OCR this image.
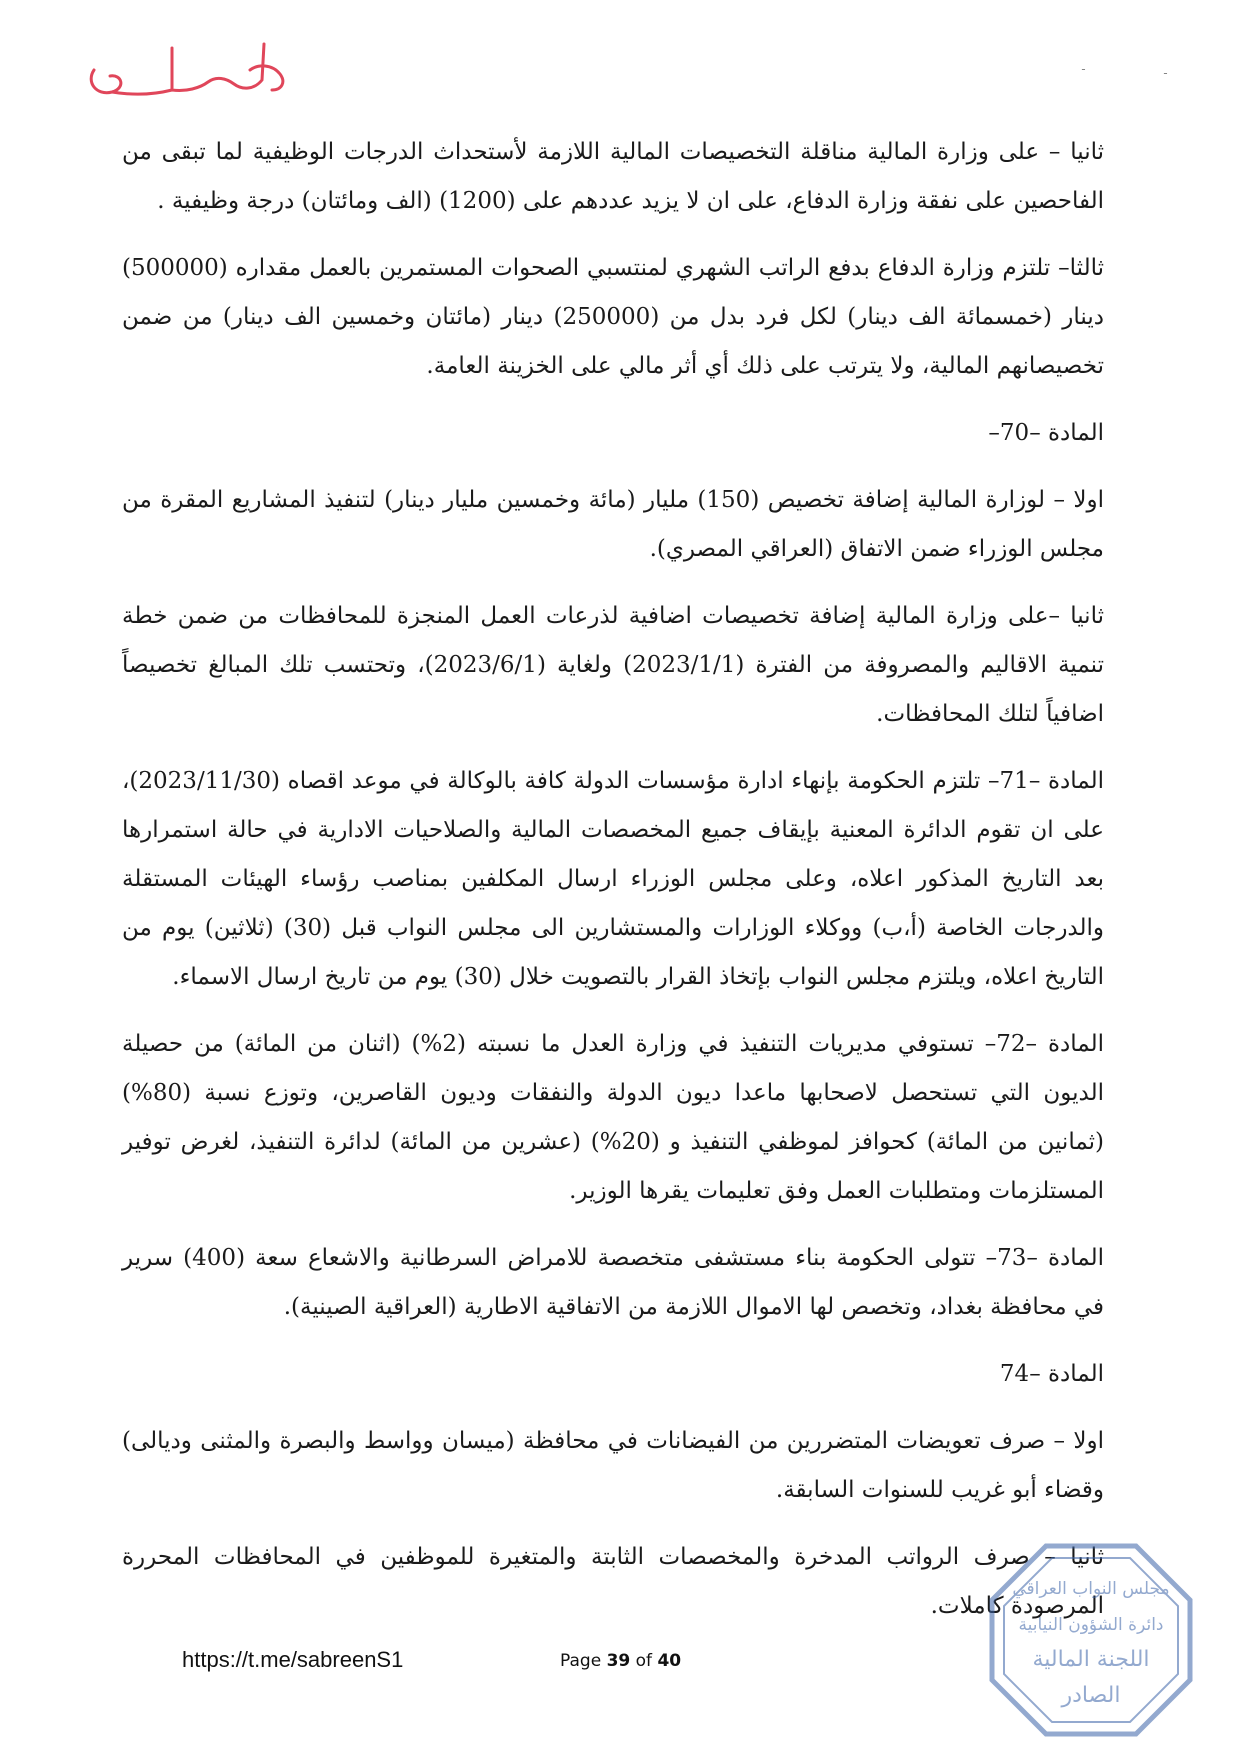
ـ	ـ

ثانيا – على وزارة المالية مناقلة التخصيصات المالية اللازمة لأستحداث الدرجات الوظيفية لما تبقى من الفاحصين على نفقة وزارة الدفاع، على ان لا يزيد عددهم على (1200) (الف ومائتان) درجة وظيفية .

ثالثا– تلتزم وزارة الدفاع بدفع الراتب الشهري لمنتسبي الصحوات المستمرين بالعمل مقداره (500000) دينار (خمسمائة الف دينار) لكل فرد بدل من (250000) دينار (مائتان وخمسين الف دينار) من ضمن تخصيصانهم المالية، ولا يترتب على ذلك أي أثر مالي على الخزينة العامة.

المادة –70–

اولا – لوزارة المالية إضافة تخصيص (150) مليار (مائة وخمسين مليار دينار) لتنفيذ المشاريع المقرة من مجلس الوزراء ضمن الاتفاق (العراقي المصري).

ثانيا –على وزارة المالية إضافة تخصيصات اضافية لذرعات العمل المنجزة للمحافظات من ضمن خطة تنمية الاقاليم والمصروفة من الفترة (2023/1/1) ولغاية (2023/6/1)، وتحتسب تلك المبالغ تخصيصاً اضافياً لتلك المحافظات.

المادة –71– تلتزم الحكومة بإنهاء ادارة مؤسسات الدولة كافة بالوكالة في موعد اقصاه (2023/11/30)، على ان تقوم الدائرة المعنية بإيقاف جميع المخصصات المالية والصلاحيات الادارية في حالة استمرارها بعد التاريخ المذكور اعلاه، وعلى مجلس الوزراء ارسال المكلفين بمناصب رؤساء الهيئات المستقلة والدرجات الخاصة (أ،ب) ووكلاء الوزارات والمستشارين الى مجلس النواب قبل (30) (ثلاثين) يوم من التاريخ اعلاه، ويلتزم مجلس النواب بإتخاذ القرار بالتصويت خلال (30) يوم من تاريخ ارسال الاسماء.

المادة –72– تستوفي مديريات التنفيذ في وزارة العدل ما نسبته (2%) (اثنان من المائة) من حصيلة الديون التي تستحصل لاصحابها ماعدا ديون الدولة والنفقات وديون القاصرين، وتوزع نسبة (80%) (ثمانين من المائة) كحوافز لموظفي التنفيذ و (20%) (عشرين من المائة) لدائرة التنفيذ، لغرض توفير المستلزمات ومتطلبات العمل وفق تعليمات يقرها الوزير.

المادة –73– تتولى الحكومة بناء مستشفى متخصصة للامراض السرطانية والاشعاع سعة (400) سرير في محافظة بغداد، وتخصص لها الاموال اللازمة من الاتفاقية الاطارية (العراقية الصينية).

المادة –74

اولا – صرف تعويضات المتضررين من الفيضانات في محافظة (ميسان وواسط والبصرة والمثنى وديالى) وقضاء أبو غريب للسنوات السابقة.

ثانيا – صرف الرواتب المدخرة والمخصصات الثابتة والمتغيرة للموظفين في المحافظات المحررة المرصودة كاملات.

مجلس النواب العراقي
دائرة الشؤون النيابية
اللجنة المالية
الصادر
https://t.me/sabreenS1	Page 39 of 40
